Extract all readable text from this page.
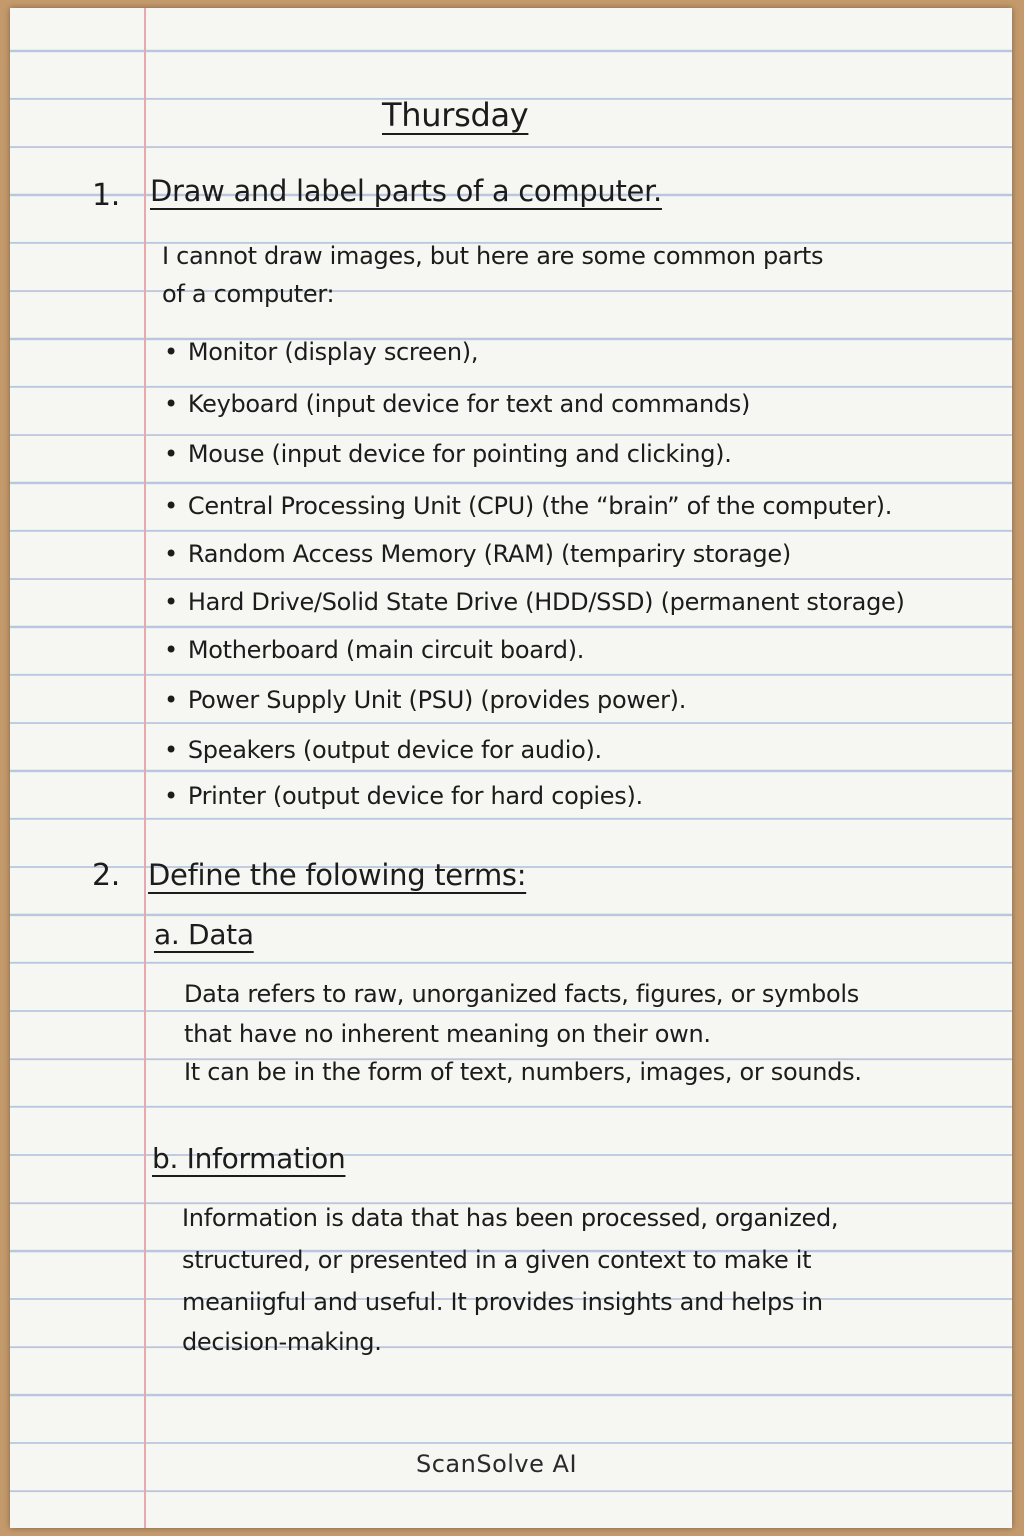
Thursday
1. Draw and label parts of a computer.
I cannot draw images, but here are some common parts
of a computer:
• Monitor (display screen),
• Keyboard (input device for text and commands)
• Mouse (input device for pointing and clicking).
• Central Processing Unit (CPU) (the “brain” of the computer).
• Random Access Memory (RAM) (tempariry storage)
• Hard Drive/Solid State Drive (HDD/SSD) (permanent storage)
• Motherboard (main circuit board).
• Power Supply Unit (PSU) (provides power).
• Speakers (output device for audio).
• Printer (output device for hard copies).
2. Define the folowing terms:
a. Data
Data refers to raw, unorganized facts, figures, or symbols
that have no inherent meaning on their own.
It can be in the form of text, numbers, images, or sounds.
b. Information
Information is data that has been processed, organized,
structured, or presented in a given context to make it
meaniigful and useful. It provides insights and helps in
decision-making.
ScanSolve AI
